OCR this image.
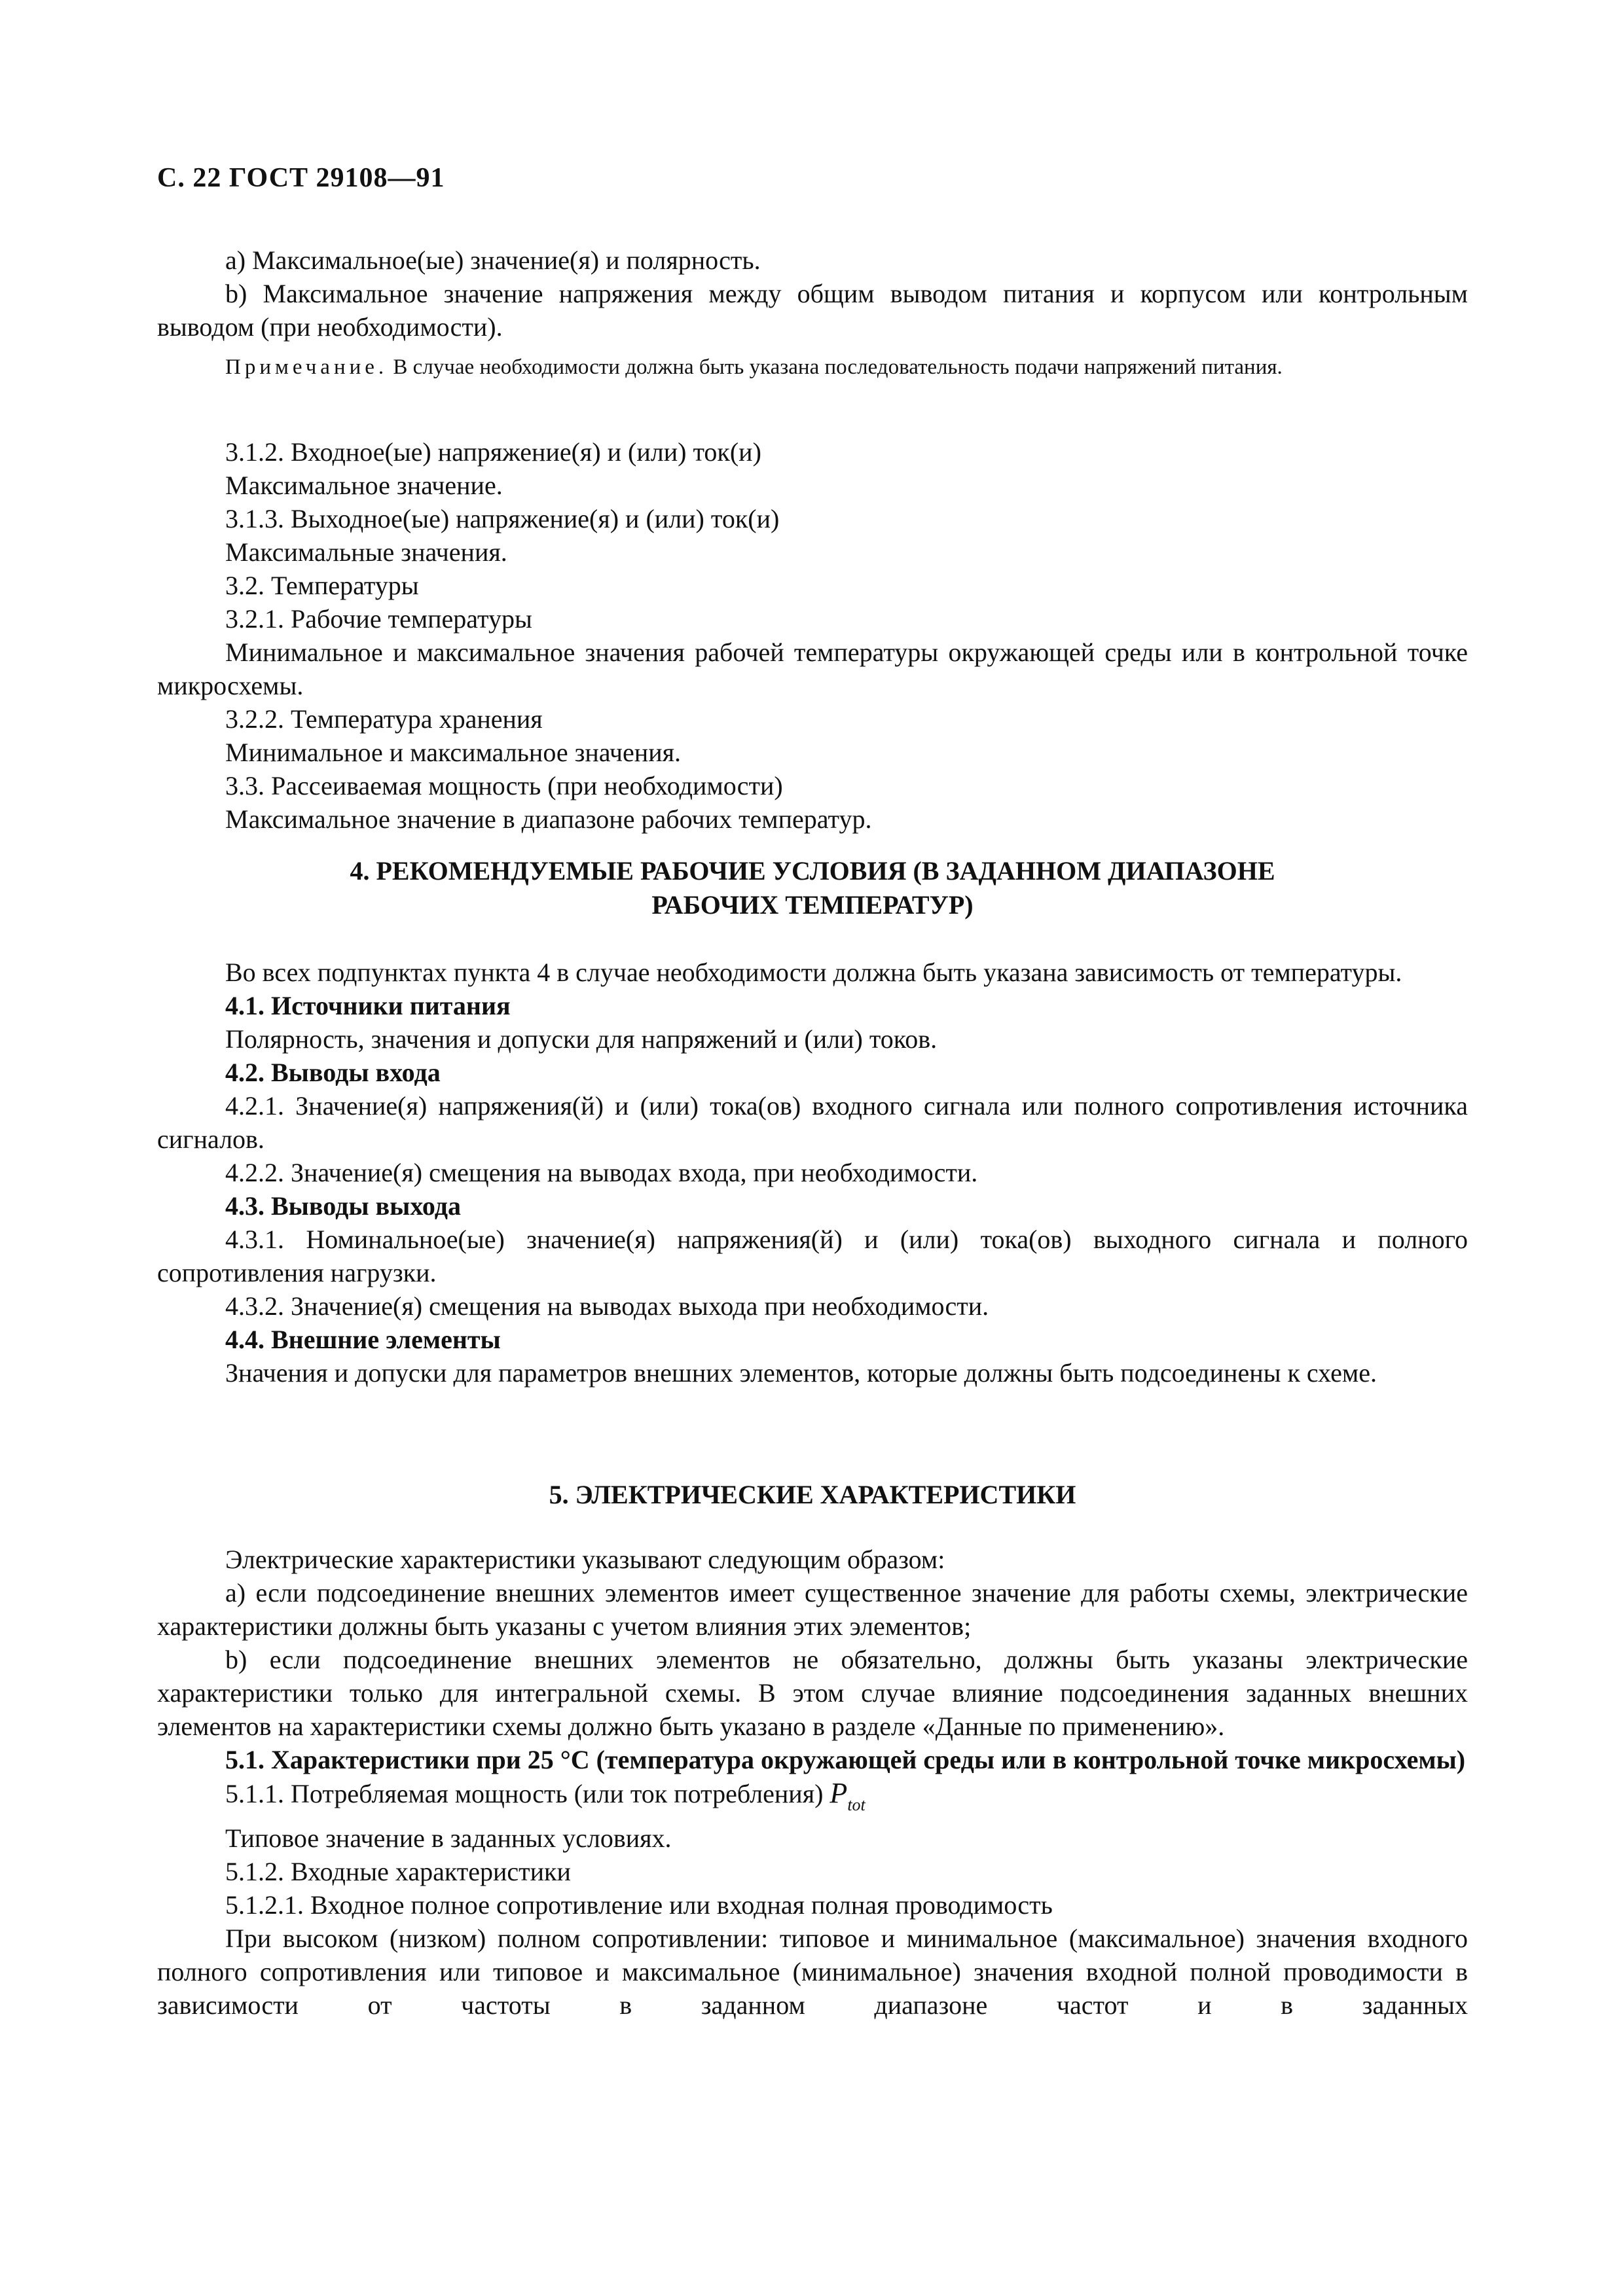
С. 22 ГОСТ 29108—91

а) Максимальное(ые) значение(я) и полярность.

b) Максимальное значение напряжения между общим выводом питания и корпусом или контрольным выводом (при необходимости).

Примечание. В случае необходимости должна быть указана последовательность подачи напряжений питания.

3.1.2. Входное(ые) напряжение(я) и (или) ток(и)

Максимальное значение.

3.1.3. Выходное(ые) напряжение(я) и (или) ток(и)

Максимальные значения.

3.2. Температуры

3.2.1. Рабочие температуры

Минимальное и максимальное значения рабочей температуры окружающей среды или в контрольной точке микросхемы.

3.2.2. Температура хранения

Минимальное и максимальное значения.

3.3. Рассеиваемая мощность (при необходимости)

Максимальное значение в диапазоне рабочих температур.

4. РЕКОМЕНДУЕМЫЕ РАБОЧИЕ УСЛОВИЯ (В ЗАДАННОМ ДИАПАЗОНЕ

РАБОЧИХ ТЕМПЕРАТУР)

Во всех подпунктах пункта 4 в случае необходимости должна быть указана зависимость от температуры.

4.1. Источники питания

Полярность, значения и допуски для напряжений и (или) токов.

4.2. Выводы входа

4.2.1. Значение(я) напряжения(й) и (или) тока(ов) входного сигнала или полного сопротивления источника сигналов.

4.2.2. Значение(я) смещения на выводах входа, при необходимости.

4.3. Выводы выхода

4.3.1. Номинальное(ые) значение(я) напряжения(й) и (или) тока(ов) выходного сигнала и полного сопротивления нагрузки.

4.3.2. Значение(я) смещения на выводах выхода при необходимости.

4.4. Внешние элементы

Значения и допуски для параметров внешних элементов, которые должны быть подсоединены к схеме.

5. ЭЛЕКТРИЧЕСКИЕ ХАРАКТЕРИСТИКИ

Электрические характеристики указывают следующим образом:

а) если подсоединение внешних элементов имеет существенное значение для работы схемы, электрические характеристики должны быть указаны с учетом влияния этих элементов;

b) если подсоединение внешних элементов не обязательно, должны быть указаны электрические характеристики только для интегральной схемы. В этом случае влияние подсоединения заданных внешних элементов на характеристики схемы должно быть указано в разделе «Данные по применению».

5.1. Характеристики при 25 °С (температура окружающей среды или в контрольной точке микросхемы)

5.1.1. Потребляемая мощность (или ток потребления) $P_{tot}$

Типовое значение в заданных условиях.

5.1.2. Входные характеристики

5.1.2.1. Входное полное сопротивление или входная полная проводимость

При высоком (низком) полном сопротивлении: типовое и минимальное (максимальное) значения входного полного сопротивления или типовое и максимальное (минимальное) значения входной полной проводимости в зависимости от частоты в заданном диапазоне частот и в заданных
